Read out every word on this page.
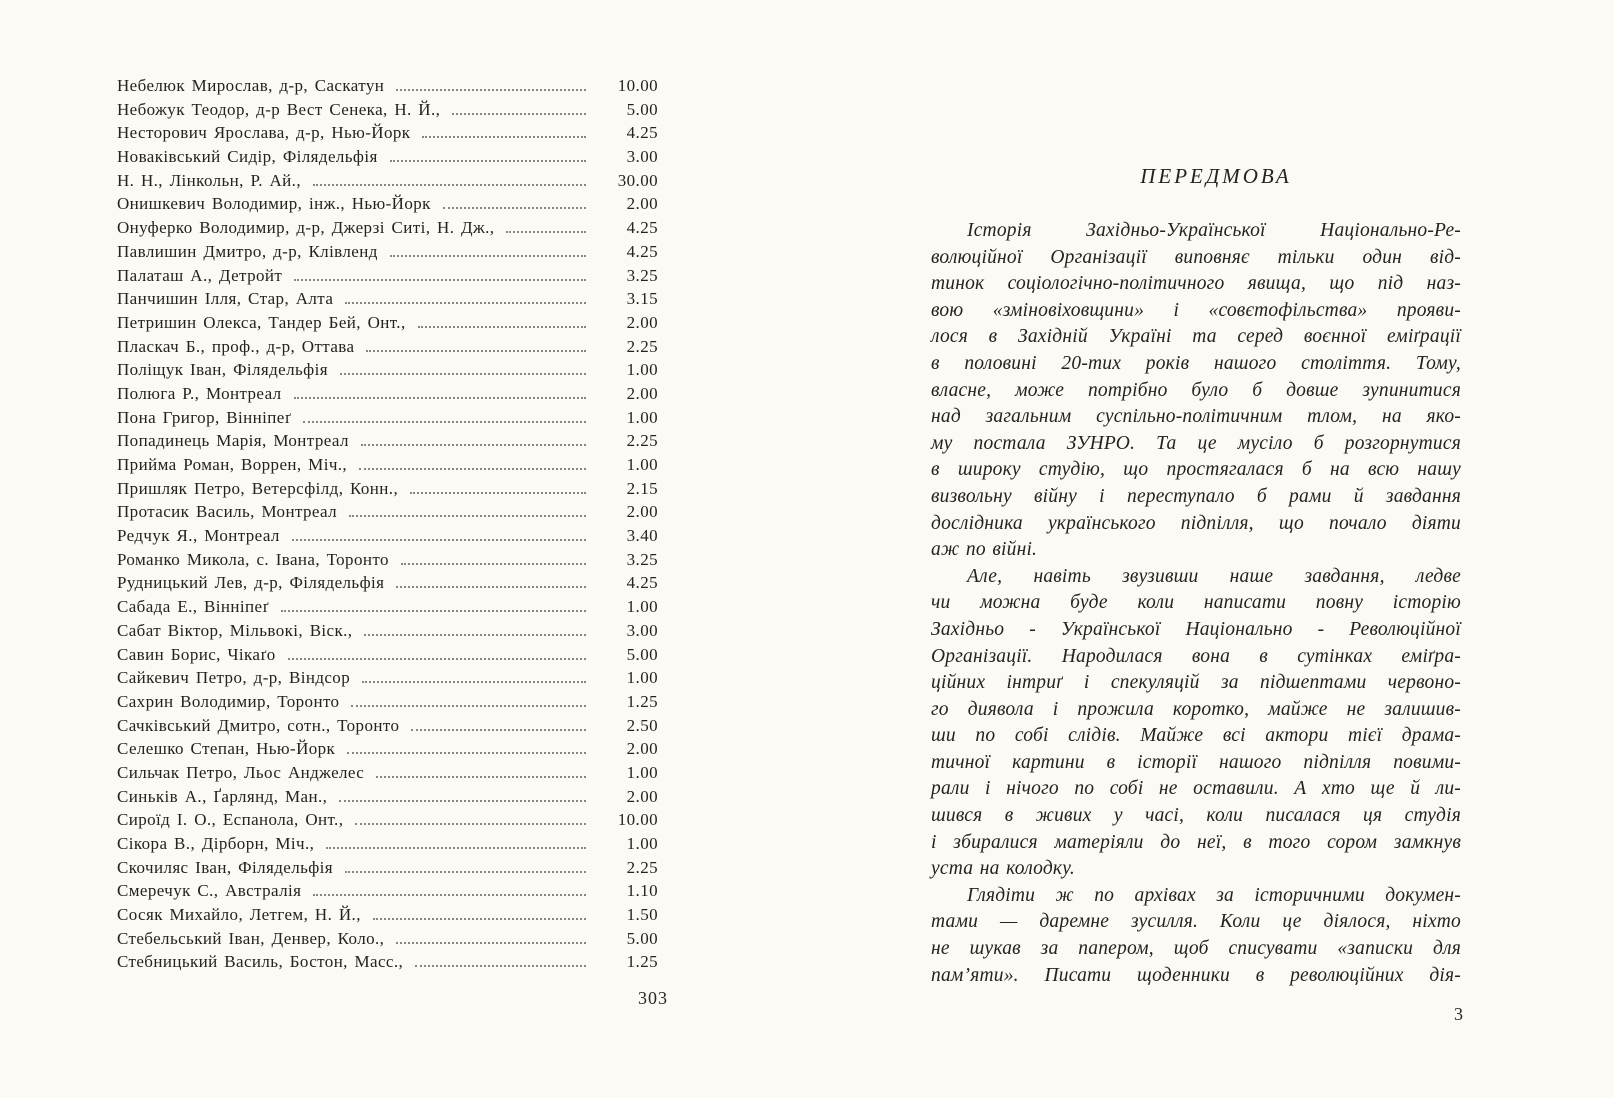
Небелюк Мирослав, д-р, Саскатун	10.00
Небожук Теодор, д-р Вест Сенека, Н. Й.,	5.00
Несторович Ярослава, д-р, Нью-Йорк	4.25
Новаківський Сидір, Філядельфія	3.00
Н. Н., Лінкольн, Р. Ай.,	30.00
Онишкевич Володимир, інж., Нью-Йорк	2.00
Онуферко Володимир, д-р, Джерзі Ситі, Н. Дж.,	4.25
Павлишин Дмитро, д-р, Клівленд	4.25
Палаташ А., Детройт	3.25
Панчишин Ілля, Стар, Алта	3.15
Петришин Олекса, Тандер Бей, Онт.,	2.00
Пласкач Б., проф., д-р, Оттава	2.25
Поліщук Іван, Філядельфія	1.00
Полюга Р., Монтреал	2.00
Пона Григор, Вінніпеґ	1.00
Попадинець Марія, Монтреал	2.25
Прийма Роман, Воррен, Міч.,	1.00
Пришляк Петро, Ветерсфілд, Конн.,	2.15
Протасик Василь, Монтреал	2.00
Редчук Я., Монтреал	3.40
Романко Микола, с. Івана, Торонто	3.25
Рудницький Лев, д-р, Філядельфія	4.25
Сабада Е., Вінніпеґ	1.00
Сабат Віктор, Мільвокі, Віск.,	3.00
Савин Борис, Чікаґо	5.00
Сайкевич Петро, д-р, Віндсор	1.00
Сахрин Володимир, Торонто	1.25
Сачківський Дмитро, сотн., Торонто	2.50
Селешко Степан, Нью-Йорк	2.00
Сильчак Петро, Льос Анджелес	1.00
Синьків А., Ґарлянд, Ман.,	2.00
Сироїд І. О., Еспанола, Онт.,	10.00
Сікора В., Дірборн, Міч.,	1.00
Скочиляс Іван, Філядельфія	2.25
Смеречук С., Австралія	1.10
Сосяк Михайло, Летгем, Н. Й.,	1.50
Стебельський Іван, Денвер, Коло.,	5.00
Стебницький Василь, Бостон, Масс.,	1.25
303
ПЕРЕДМОВА
Історія Західньо-Української Національно-Ре-
волюційної Організації виповняє тільки один від-
тинок соціологічно-політичного явища, що під наз-
вою «зміновіховщини» і «совєтофільства» прояви-
лося в Західній Україні та серед воєнної еміґрації
в половині 20-тих років нашого століття. Тому,
власне, може потрібно було б довше зупинитися
над загальним суспільно-політичним тлом, на яко-
му постала ЗУНРО. Та це мусіло б розгорнутися
в широку студію, що простягалася б на всю нашу
визвольну війну і переступало б рами й завдання
дослідника українського підпілля, що почало діяти
аж по війні.
Але, навіть звузивши наше завдання, ледве
чи можна буде коли написати повну історію
Західньо - Української Національно - Революційної
Організації. Народилася вона в сутінках еміґра-
ційних інтриґ і спекуляцій за підшептами червоно-
го диявола і прожила коротко, майже не залишив-
ши по собі слідів. Майже всі актори тієї драма-
тичної картини в історії нашого підпілля повими-
рали і нічого по собі не оставили. А хто ще й ли-
шився в живих у часі, коли писалася ця студія
і збиралися матеріяли до неї, в того сором замкнув
уста на колодку.
Глядіти ж по архівах за історичними докумен-
тами — даремне зусилля. Коли це діялося, ніхто
не шукав за папером, щоб списувати «записки для
пам’яти». Писати щоденники в революційних дія-
3
